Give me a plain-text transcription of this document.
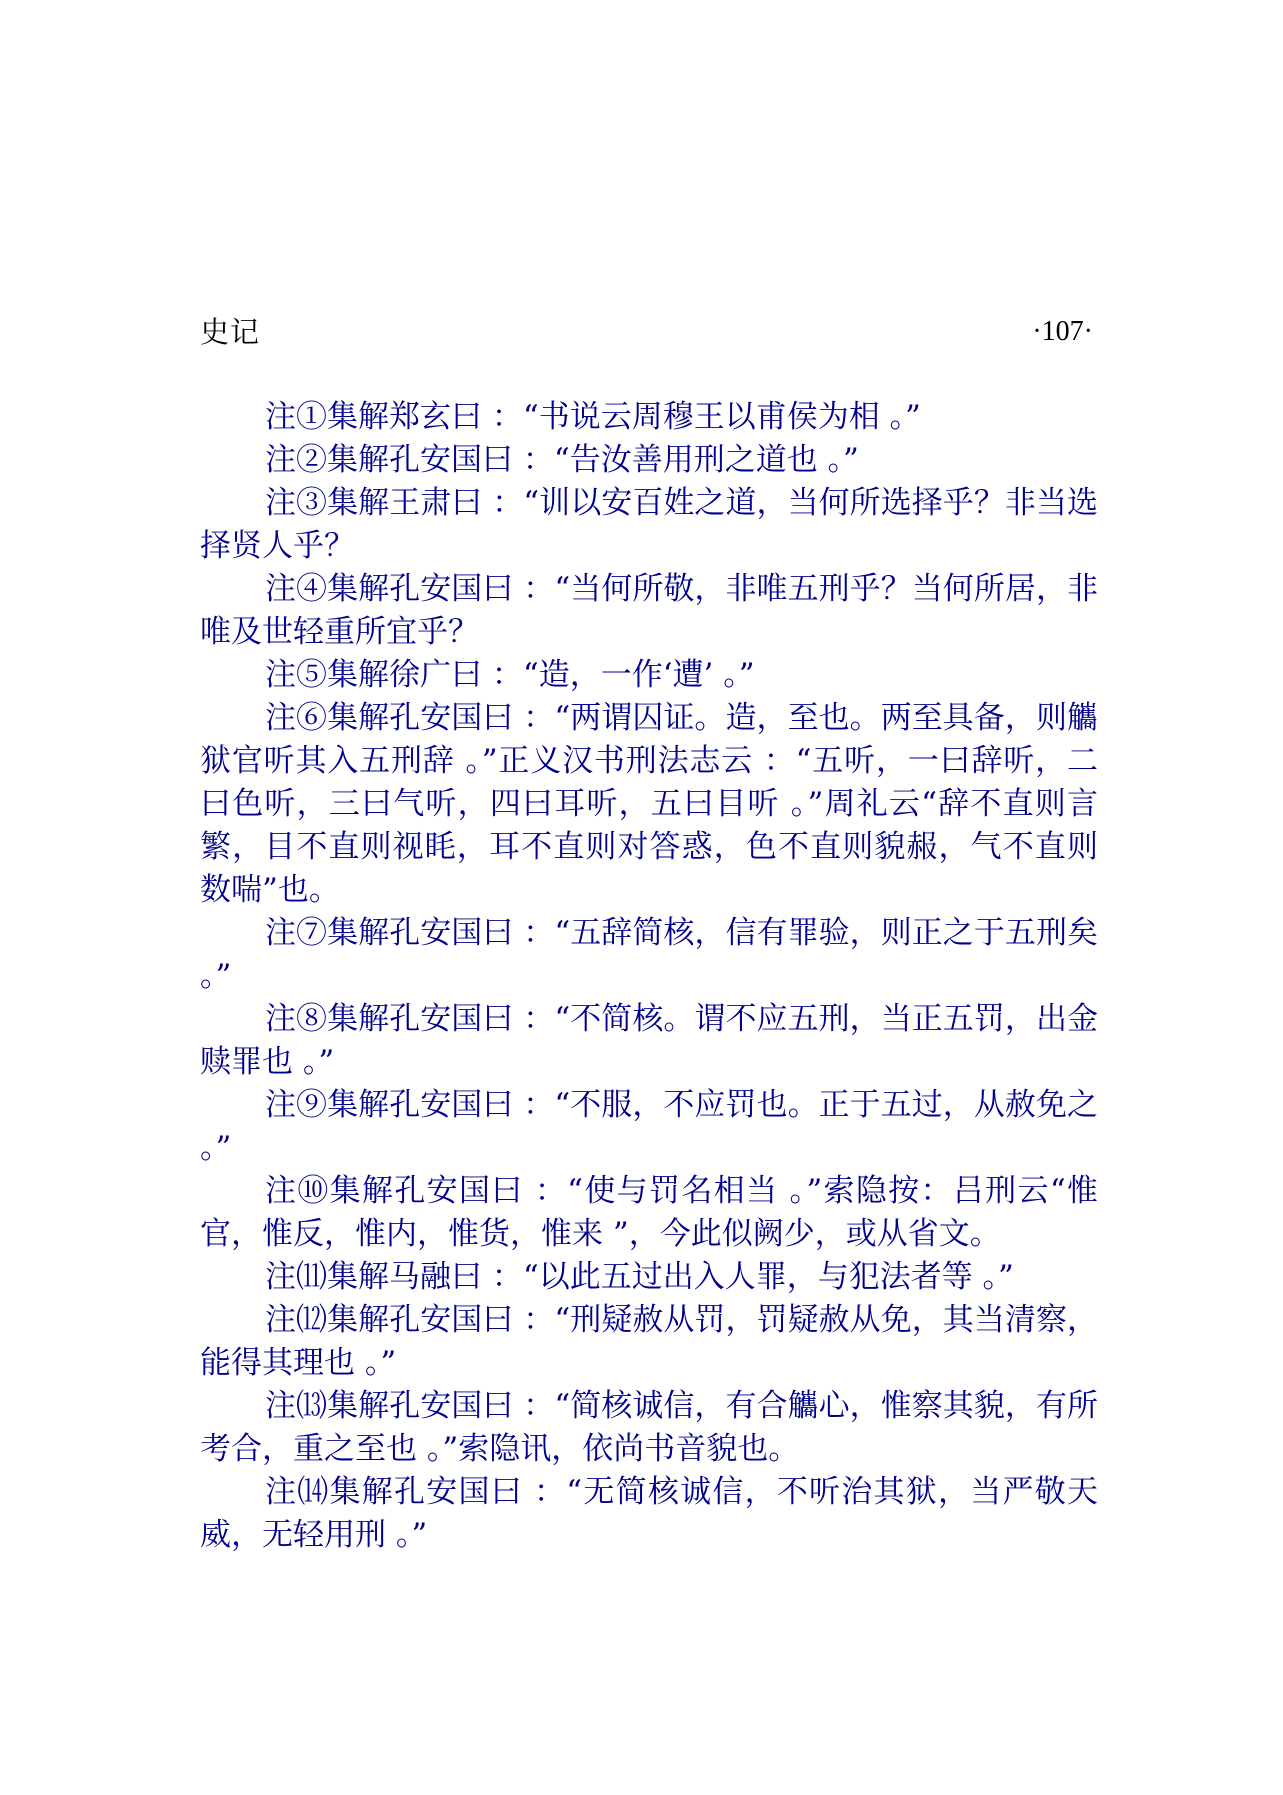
史记	·107·

注①集解郑玄曰 ：“书说云周穆王以甫侯为相 。”

注②集解孔安国曰 ：“告汝善用刑之道也 。”

注③集解王肃曰 ：“训以安百姓之道，当何所选择乎？非当选择贤人乎？

注④集解孔安国曰 ：“当何所敬，非唯五刑乎？当何所居，非唯及世轻重所宜乎？

注⑤集解徐广曰 ：“造，一作‘遭’ 。”

注⑥集解孔安国曰 ：“两谓囚证。造，至也。两至具备，则觿狱官听其入五刑辞 。”正义汉书刑法志云 ：“五听，一曰辞听，二曰色听，三曰气听，四曰耳听，五曰目听 。”周礼云“辞不直则言繁，目不直则视眊，耳不直则对答惑，色不直则貌赧，气不直则数喘”也。

注⑦集解孔安国曰 ：“五辞简核，信有罪验，则正之于五刑矣 。”

注⑧集解孔安国曰 ：“不简核。谓不应五刑，当正五罚，出金赎罪也 。”

注⑨集解孔安国曰 ：“不服，不应罚也。正于五过，从赦免之 。”

注⑩集解孔安国曰 ：“使与罚名相当 。”索隐按：吕刑云“惟官，惟反，惟内，惟货，惟来 ”，今此似阙少，或从省文。

注⑾集解马融曰 ：“以此五过出入人罪，与犯法者等 。”

注⑿集解孔安国曰 ：“刑疑赦从罚，罚疑赦从免，其当清察，能得其理也 。”

注⒀集解孔安国曰 ：“简核诚信，有合觿心，惟察其貌，有所考合，重之至也 。”索隐讯，依尚书音貌也。

注⒁集解孔安国曰 ：“无简核诚信，不听治其狱，当严敬天威，无轻用刑 。”
